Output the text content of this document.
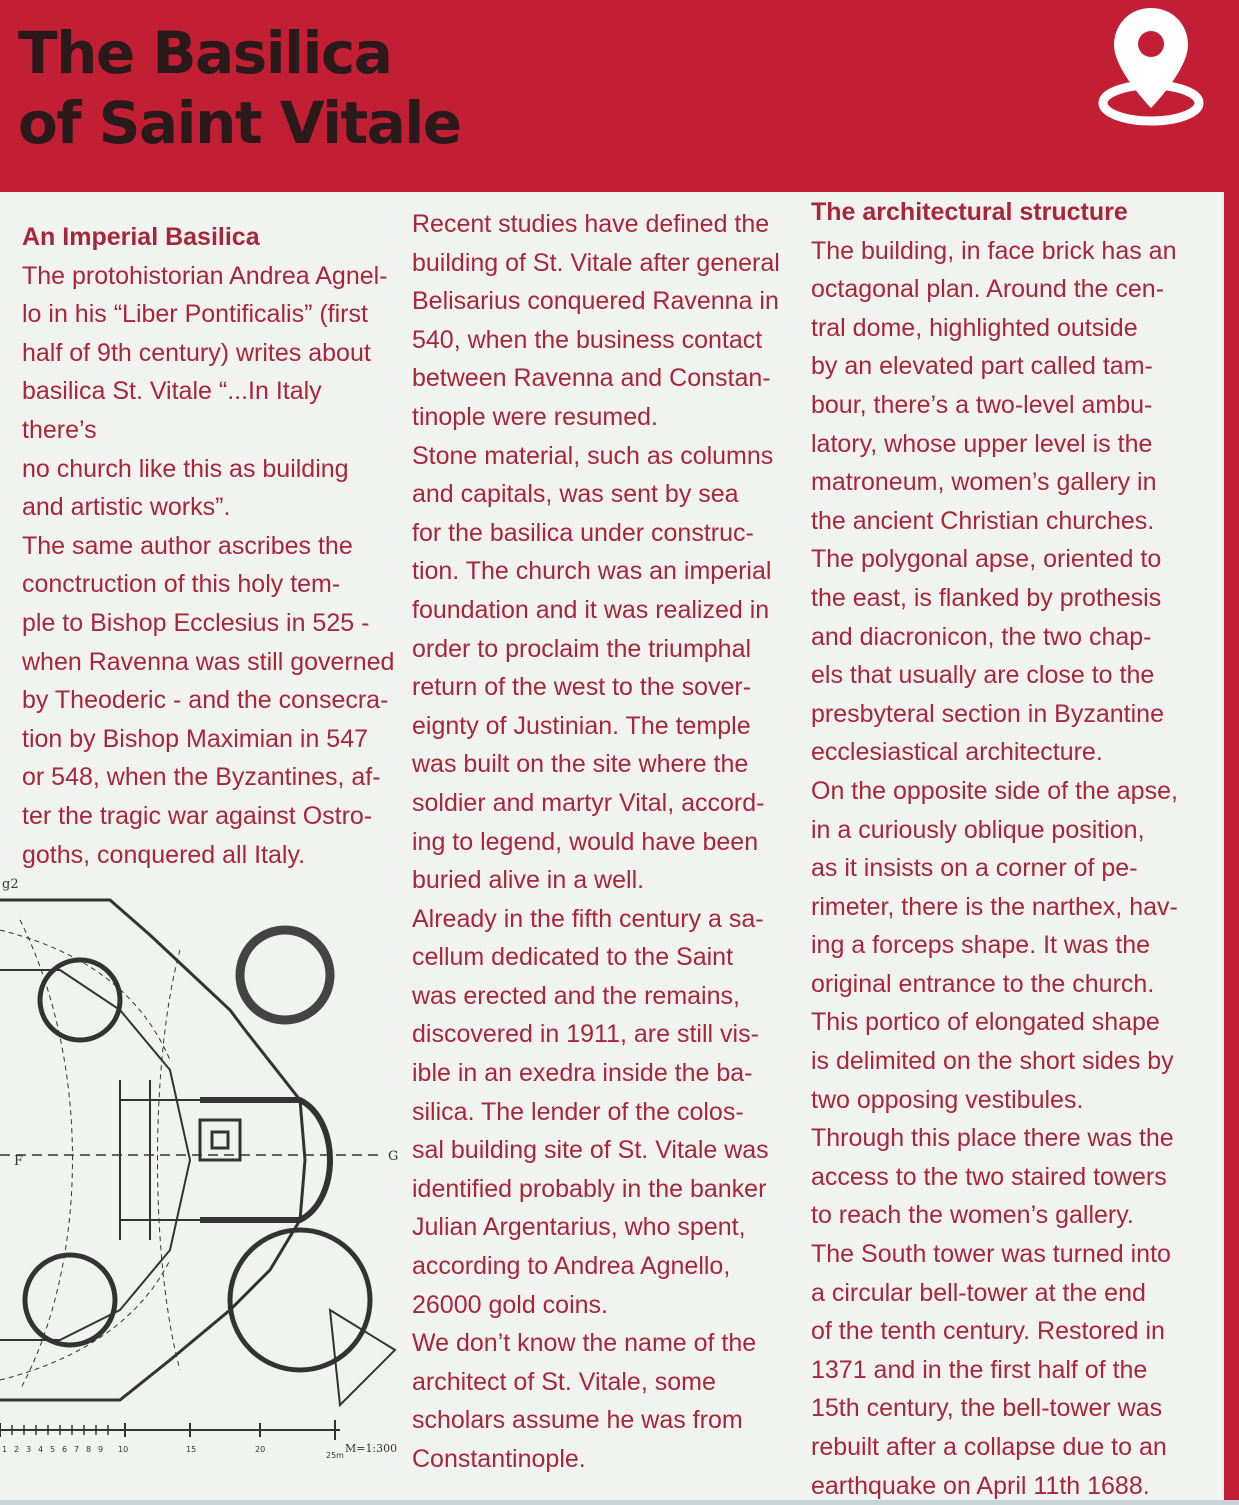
The Basilica
of Saint Vitale

An Imperial Basilica

The protohistorian Andrea Agnel-

lo in his “Liber Pontificalis” (first

half of 9th century) writes about

basilica St. Vitale “...In Italy there’s

no church like this as building

and artistic works”.

The same author ascribes the

conctruction of this holy tem-

ple to Bishop Ecclesius in 525 -

when Ravenna was still governed

by Theoderic - and the consecra-

tion by Bishop Maximian in 547

or 548, when the Byzantines, af-

ter the tragic war against Ostro-

goths, conquered all Italy.

Recent studies have defined the

building of St. Vitale after general

Belisarius conquered Ravenna in

540, when the business contact

between Ravenna and Constan-

tinople were resumed.

Stone material, such as columns

and capitals, was sent by sea

for the basilica under construc-

tion. The church was an imperial

foundation and it was realized in

order to proclaim the triumphal

return of the west to the sover-

eignty of Justinian. The temple

was built on the site where the

soldier and martyr Vital, accord-

ing to legend, would have been

buried alive in a well.

Already in the fifth century a sa-

cellum dedicated to the Saint

was erected and the remains,

discovered in 1911, are still vis-

ible in an exedra inside the ba-

silica. The lender of the colos-

sal building site of St. Vitale was

identified probably in the banker

Julian Argentarius, who spent,

according to Andrea Agnello,

26000 gold coins.

We don’t know the name of the

architect of St. Vitale, some

scholars assume he was from

Constantinople.

The architectural structure

The building, in face brick has an

octagonal plan. Around the cen-

tral dome, highlighted outside

by an elevated part called tam-

bour, there’s a two-level ambu-

latory, whose upper level is the

matroneum, women’s gallery in

the ancient Christian churches.

The polygonal apse, oriented to

the east, is flanked by prothesis

and diacronicon, the two chap-

els that usually are close to the

presbyteral section in Byzantine

ecclesiastical architecture.

On the opposite side of the apse,

in a curiously oblique position,

as it insists on a corner of pe-

rimeter, there is the narthex, hav-

ing a forceps shape. It was the

original entrance to the church.

This portico of elongated shape

is delimited on the short sides by

two opposing vestibules.

Through this place there was the

access to the two staired towers

to reach the women’s gallery.

The South tower was turned into

a circular bell-tower at the end

of the tenth century. Restored in

1371 and in the first half of the

15th century, the bell-tower was

rebuilt after a collapse due to an

earthquake on April 11th 1688.

g2
F	G
M=1:300
1 2 3 4 5 6 7 8 9 10	15	20
25m
